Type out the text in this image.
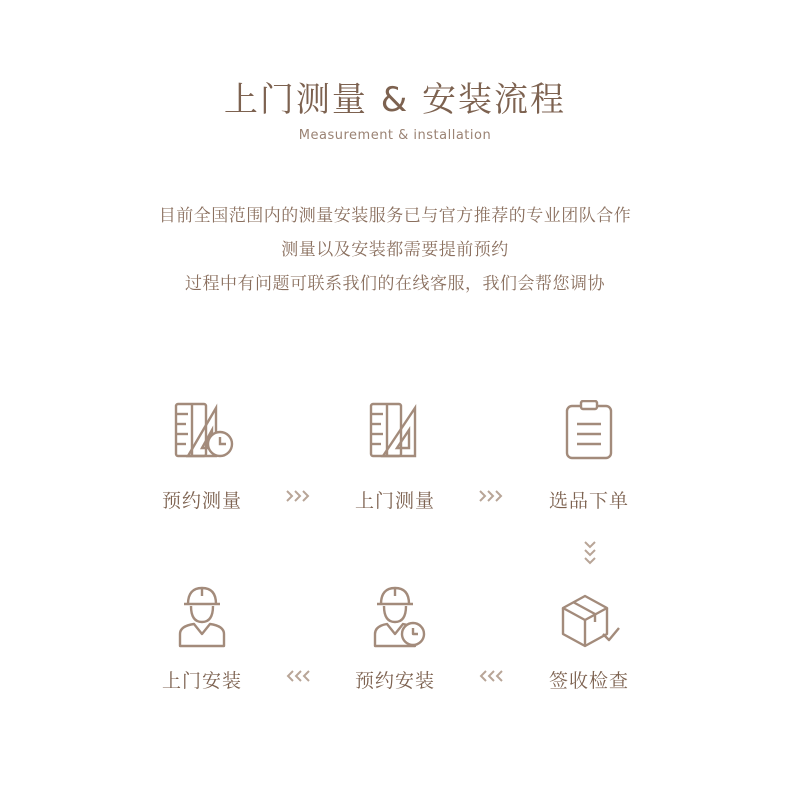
上门测量 & 安装流程
Measurement & installation
目前全国范围内的测量安装服务已与官方推荐的专业团队合作
测量以及安装都需要提前预约
过程中有问题可联系我们的在线客服，我们会帮您调协
预约测量	上门测量	选品下单
签收检查
预约安装
上门安装
